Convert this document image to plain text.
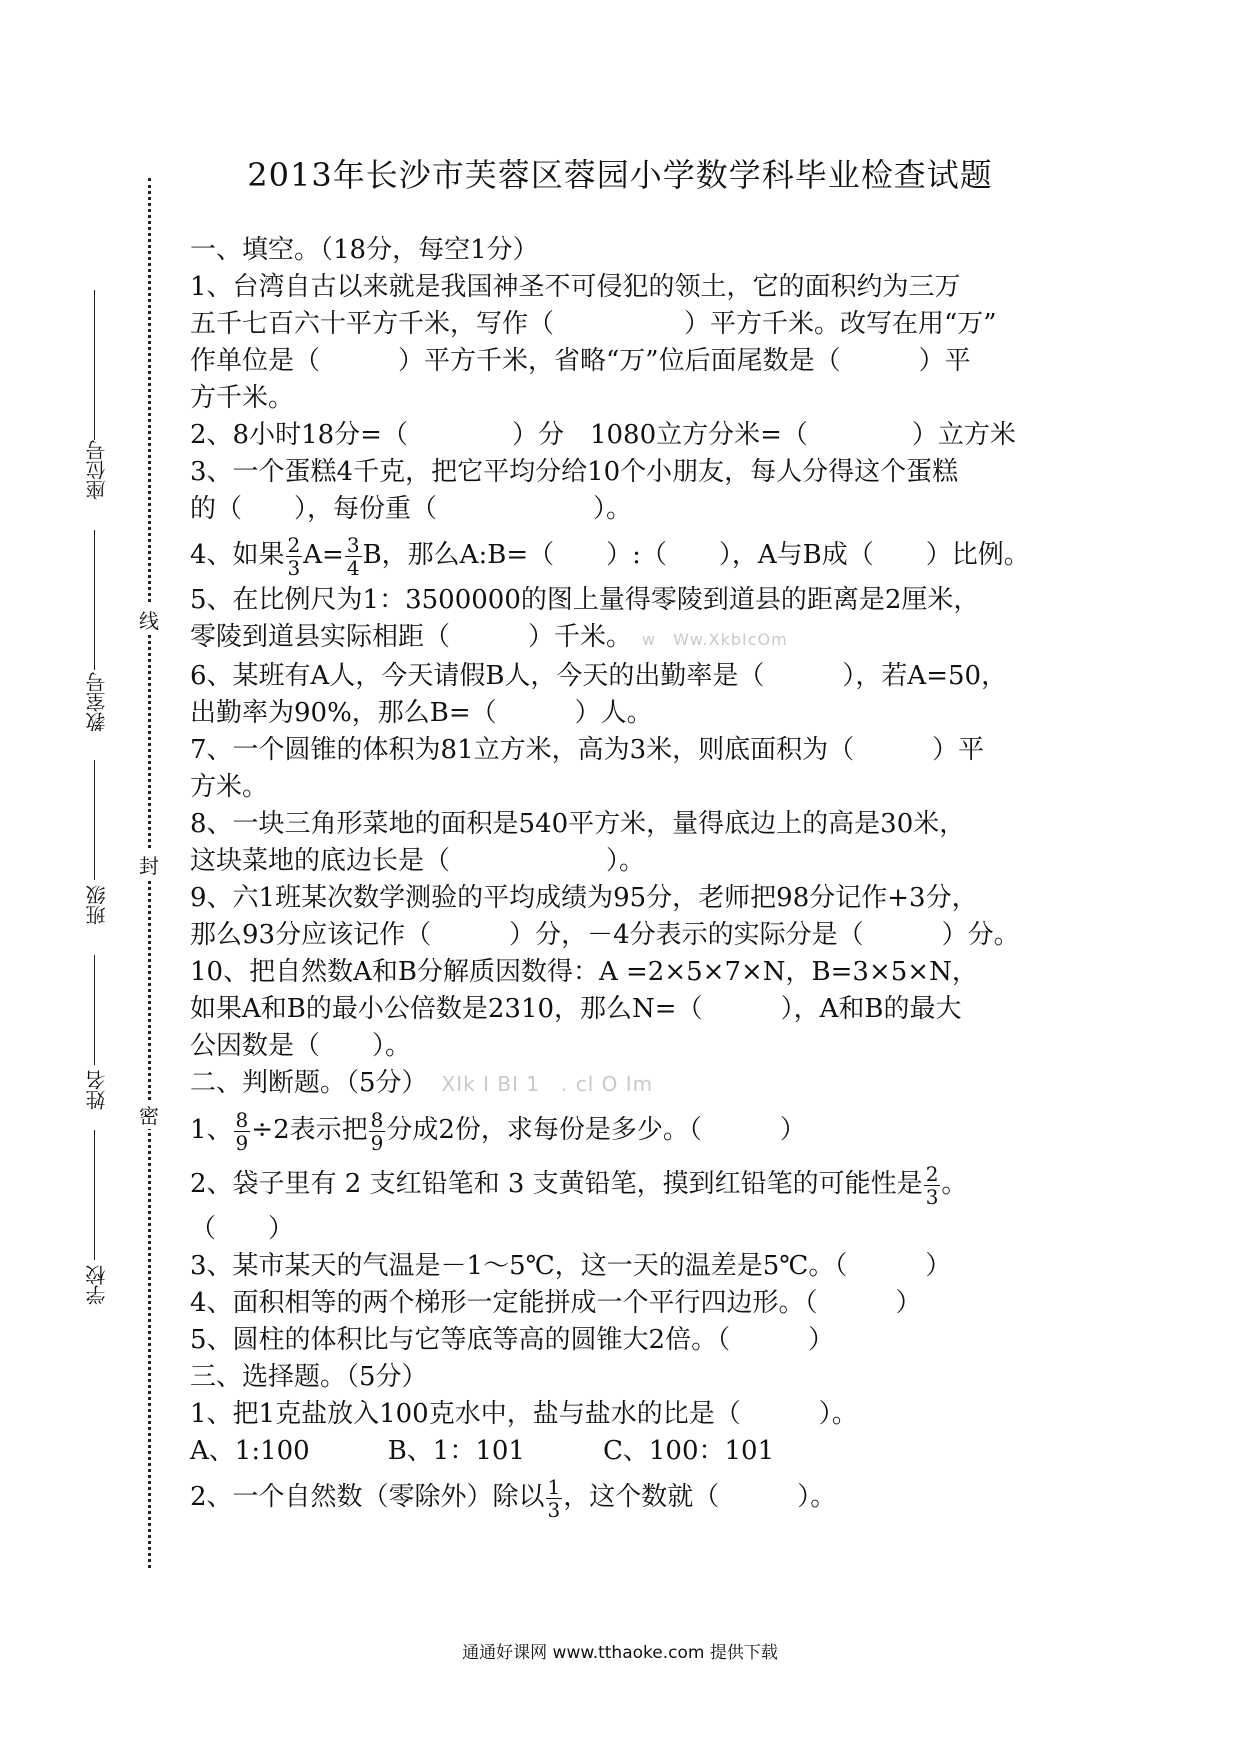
2013年长沙市芙蓉区蓉园小学数学科毕业检查试题
线
封
密
座位号
教室号
班级
姓名
学校
一、填空。（18分，每空1分）
1、台湾自古以来就是我国神圣不可侵犯的领土，它的面积约为三万
五千七百六十平方千米，写作（　　　　　）平方千米。改写在用“万”
作单位是（　　　）平方千米，省略“万”位后面尾数是（　　　）平
方千米。
2、8小时18分=（　　　　）分　1080立方分米=（　　　　）立方米
3、一个蛋糕4千克，把它平均分给10个小朋友，每人分得这个蛋糕
的（　　），每份重（　　　　　　）。
4、如果 $\frac{2}{3} A= \frac{3}{4}$ B，那么A:B=（　　）:（　　），A与B成（　　）比例。
5、在比例尺为1：3500000的图上量得零陵到道县的距离是2厘米，
零陵到道县实际相距（　　　）千米。 w　Ww.XkbIcOm
6、某班有A人，今天请假B人，今天的出勤率是（　　　），若A=50，
出勤率为90%，那么B=（　　　）人。
7、一个圆锥的体积为81立方米，高为3米，则底面积为（　　　）平
方米。
8、一块三角形菜地的面积是540平方米，量得底边上的高是30米，
这块菜地的底边长是（　　　　　　）。
9、六1班某次数学测验的平均成绩为95分，老师把98分记作+3分，
那么93分应该记作（　　　）分，－4分表示的实际分是（　　　）分。
10、把自然数A和B分解质因数得：A =2×5×7×N，B=3×5×N，
如果A和B的最小公倍数是2310，那么N=（　　　），A和B的最大
公因数是（　　）。
二、判断题。（5分） XIk I BI 1　. cl O Im
1、 $\frac{8}{9} \div 2$表示把 $\frac{8}{9}$ 分成2份，求每份是多少。（　　　）
2、袋子里有 2 支红铅笔和 3 支黄铅笔，摸到红铅笔的可能性是 $\frac{2}{3}$ 。
（　　）
3、某市某天的气温是－1～5℃，这一天的温差是5℃。（　　　）
4、面积相等的两个梯形一定能拼成一个平行四边形。（　　　）
5、圆柱的体积比与它等底等高的圆锥大2倍。（　　　）
三、选择题。（5分）
1、把1克盐放入100克水中，盐与盐水的比是（　　　）。
A、1:100　　　B、1：101　　　C、100：101
2、一个自然数（零除外）除以 $\frac{1}{3}$ ，这个数就（　　　）。
通通好课网 www.tthaoke.com 提供下载
